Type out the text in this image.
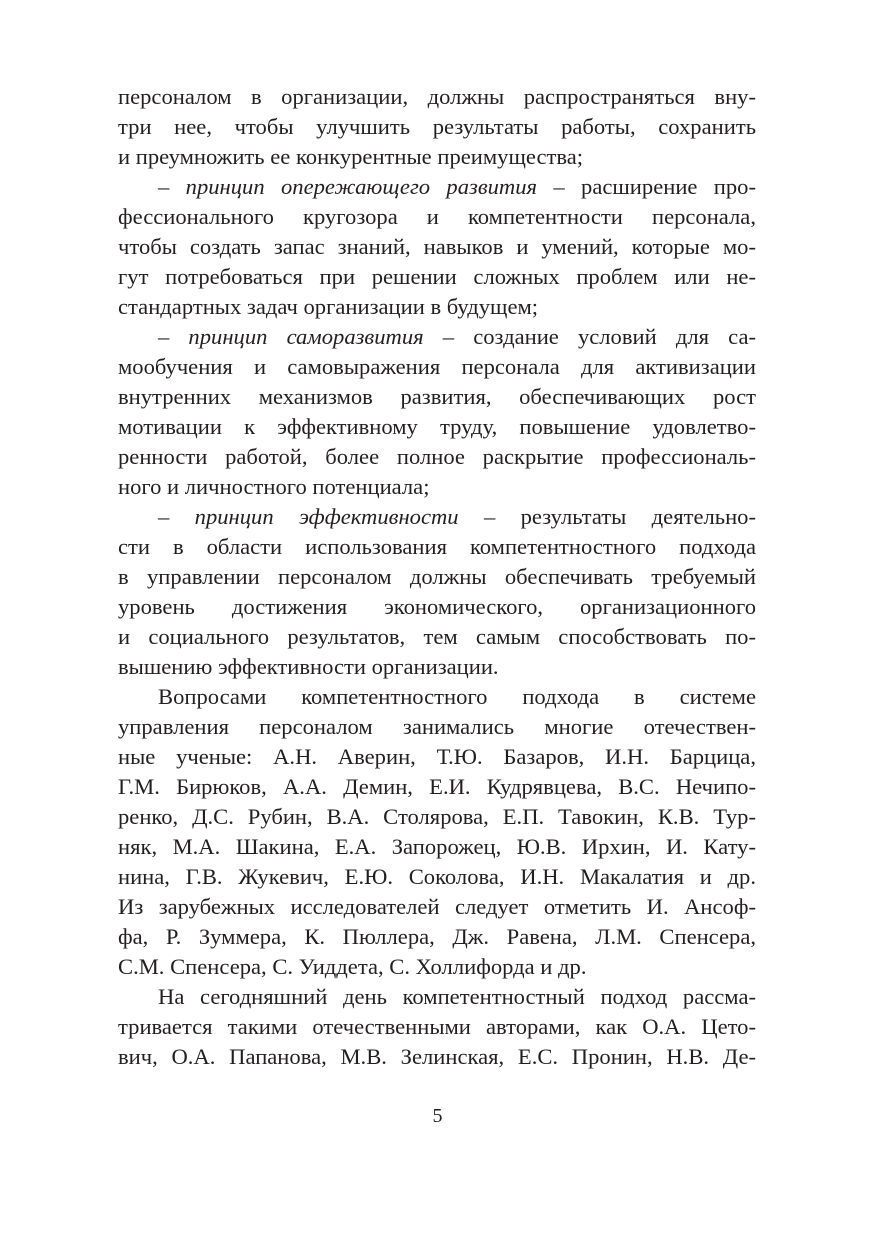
персоналом в организации, должны распространяться вну-
три нее, чтобы улучшить результаты работы, сохранить
и преумножить ее конкурентные преимущества;
– принцип опережающего развития – расширение про-
фессионального кругозора и компетентности персонала,
чтобы создать запас знаний, навыков и умений, которые мо-
гут потребоваться при решении сложных проблем или не-
стандартных задач организации в будущем;
– принцип саморазвития – создание условий для са-
мообучения и самовыражения персонала для активизации
внутренних механизмов развития, обеспечивающих рост
мотивации к эффективному труду, повышение удовлетво-
ренности работой, более полное раскрытие профессиональ-
ного и личностного потенциала;
– принцип эффективности – результаты деятельно-
сти в области использования компетентностного подхода
в управлении персоналом должны обеспечивать требуемый
уровень достижения экономического, организационного
и социального результатов, тем самым способствовать по-
вышению эффективности организации.
Вопросами компетентностного подхода в системе
управления персоналом занимались многие отечествен-
ные ученые: А.Н. Аверин, Т.Ю. Базаров, И.Н. Барцица,
Г.М. Бирюков, А.А. Демин, Е.И. Кудрявцева, В.С. Нечипо-
ренко, Д.С. Рубин, В.А. Столярова, Е.П. Тавокин, К.В. Тур-
няк, М.А. Шакина, Е.А. Запорожец, Ю.В. Ирхин, И. Кату-
нина, Г.В. Жукевич, Е.Ю. Соколова, И.Н. Макалатия и др.
Из зарубежных исследователей следует отметить И. Ансоф-
фа, Р. Зуммера, К. Пюллера, Дж. Равена, Л.М. Спенсера,
С.М. Спенсера, С. Уиддета, С. Холлифорда и др.
На сегодняшний день компетентностный подход рассма-
тривается такими отечественными авторами, как О.А. Цето-
вич, О.А. Папанова, М.В. Зелинская, Е.С. Пронин, Н.В. Де-
5
